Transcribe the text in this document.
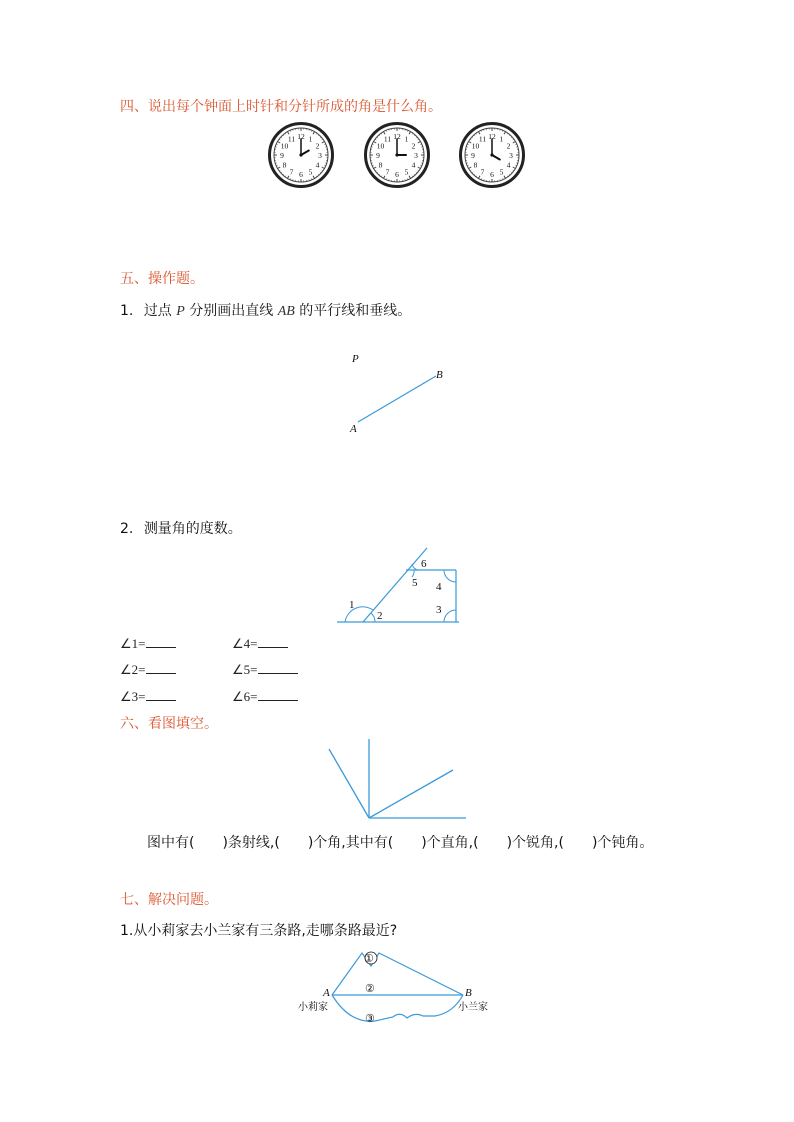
四、说出每个钟面上时针和分针所成的角是什么角。
12 1
2
3
4
5
6
7
8
9
10
11	12 1
2
3
4
5
6
7
8
9
10
11	12 1
2
3
4
5
6
7
8
9
10
11
五、操作题。
1. 过点 P 分别画出直线 AB 的平行线和垂线。
P
B
A
2. 测量角的度数。
1
2	3
4
5
6
∠1=	∠4=
∠2=	∠5=
∠3=	∠6=
六、看图填空。
图中有(　　)条射线,(　　)个角,其中有(　　)个直角,(　　)个锐角,(　　)个钝角。
七、解决问题。
1.从小莉家去小兰家有三条路,走哪条路最近?
①
②
③
A	B
小莉家	小兰家
